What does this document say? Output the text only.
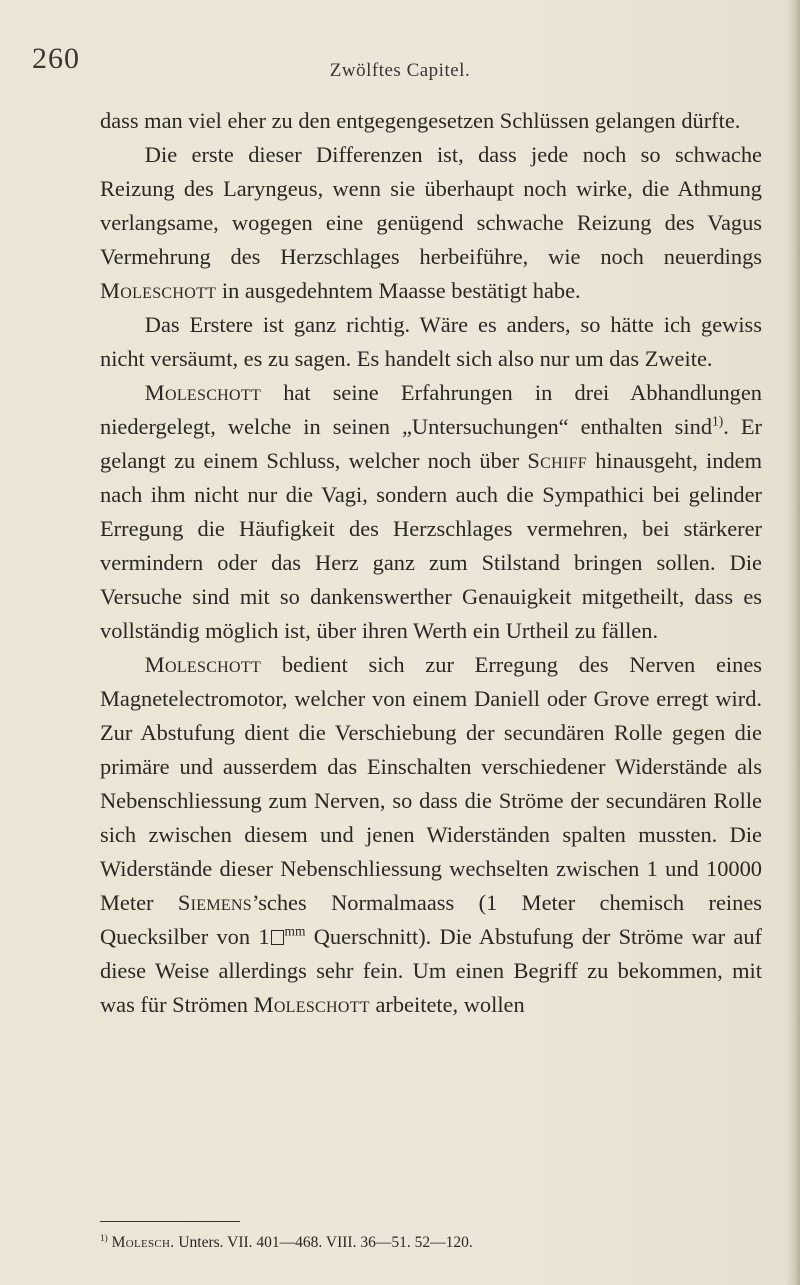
260	Zwölftes Capitel.

dass man viel eher zu den entgegengesetzen Schlüssen gelangen dürfte.

Die erste dieser Differenzen ist, dass jede noch so schwache Reizung des Laryngeus, wenn sie überhaupt noch wirke, die Athmung verlangsame, wogegen eine genügend schwache Reizung des Vagus Vermehrung des Herzschlages herbeiführe, wie noch neuerdings Moleschott in ausgedehntem Maasse bestätigt habe.

Das Erstere ist ganz richtig. Wäre es anders, so hätte ich gewiss nicht versäumt, es zu sagen. Es handelt sich also nur um das Zweite.

Moleschott hat seine Erfahrungen in drei Abhandlungen niedergelegt, welche in seinen „Untersuchungen“ enthalten sind$^{1)}$. Er gelangt zu einem Schluss, welcher noch über Schiff hinausgeht, indem nach ihm nicht nur die Vagi, sondern auch die Sympathici bei gelinder Erregung die Häufigkeit des Herzschlages vermehren, bei stärkerer vermindern oder das Herz ganz zum Stilstand bringen sollen. Die Versuche sind mit so dankenswerther Genauigkeit mitgetheilt, dass es vollständig möglich ist, über ihren Werth ein Urtheil zu fällen.

Moleschott bedient sich zur Erregung des Nerven eines Magnetelectromotor, welcher von einem Daniell oder Grove erregt wird. Zur Abstufung dient die Verschiebung der secundären Rolle gegen die primäre und ausserdem das Einschalten verschiedener Widerstände als Nebenschliessung zum Nerven, so dass die Ströme der secundären Rolle sich zwischen diesem und jenen Widerständen spalten mussten. Die Widerstände dieser Nebenschliessung wechselten zwischen 1 und 10000 Meter Siemens’sches Normalmaass (1 Meter chemisch reines Quecksilber von 1 $^{mm}$ Querschnitt). Die Abstufung der Ströme war auf diese Weise allerdings sehr fein. Um einen Begriff zu bekommen, mit was für Strömen Moleschott arbeitete, wollen

$^{1)}$ Molesch. Unters. VII. 401—468. VIII. 36—51. 52—120.
